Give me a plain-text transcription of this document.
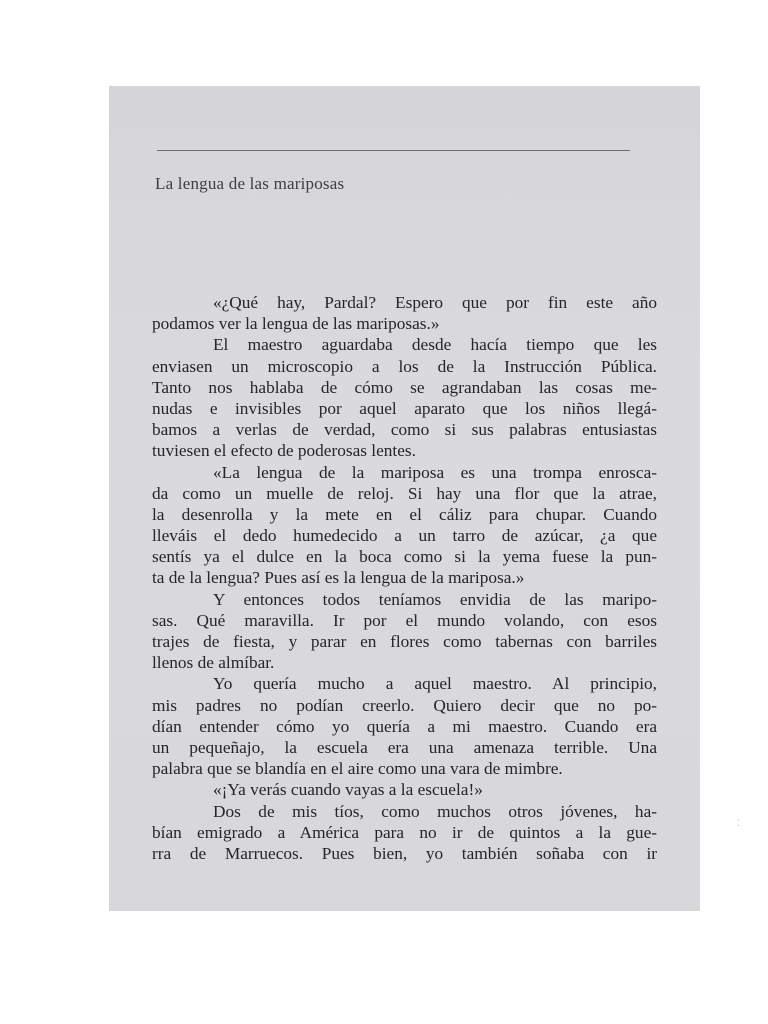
La lengua de las mariposas
«¿Qué hay, Pardal? Espero que por fin este año
podamos ver la lengua de las mariposas.»
El maestro aguardaba desde hacía tiempo que les
enviasen un microscopio a los de la Instrucción Pública.
Tanto nos hablaba de cómo se agrandaban las cosas me-
nudas e invisibles por aquel aparato que los niños llegá-
bamos a verlas de verdad, como si sus palabras entusiastas
tuviesen el efecto de poderosas lentes.
«La lengua de la mariposa es una trompa enrosca-
da como un muelle de reloj. Si hay una flor que la atrae,
la desenrolla y la mete en el cáliz para chupar. Cuando
lleváis el dedo humedecido a un tarro de azúcar, ¿a que
sentís ya el dulce en la boca como si la yema fuese la pun-
ta de la lengua? Pues así es la lengua de la mariposa.»
Y entonces todos teníamos envidia de las maripo-
sas. Qué maravilla. Ir por el mundo volando, con esos
trajes de fiesta, y parar en flores como tabernas con barriles
llenos de almíbar.
Yo quería mucho a aquel maestro. Al principio,
mis padres no podían creerlo. Quiero decir que no po-
dían entender cómo yo quería a mi maestro. Cuando era
un pequeñajo, la escuela era una amenaza terrible. Una
palabra que se blandía en el aire como una vara de mimbre.
«¡Ya verás cuando vayas a la escuela!»
Dos de mis tíos, como muchos otros jóvenes, ha-
bían emigrado a América para no ir de quintos a la gue-
rra de Marruecos. Pues bien, yo también soñaba con ir
⁚
